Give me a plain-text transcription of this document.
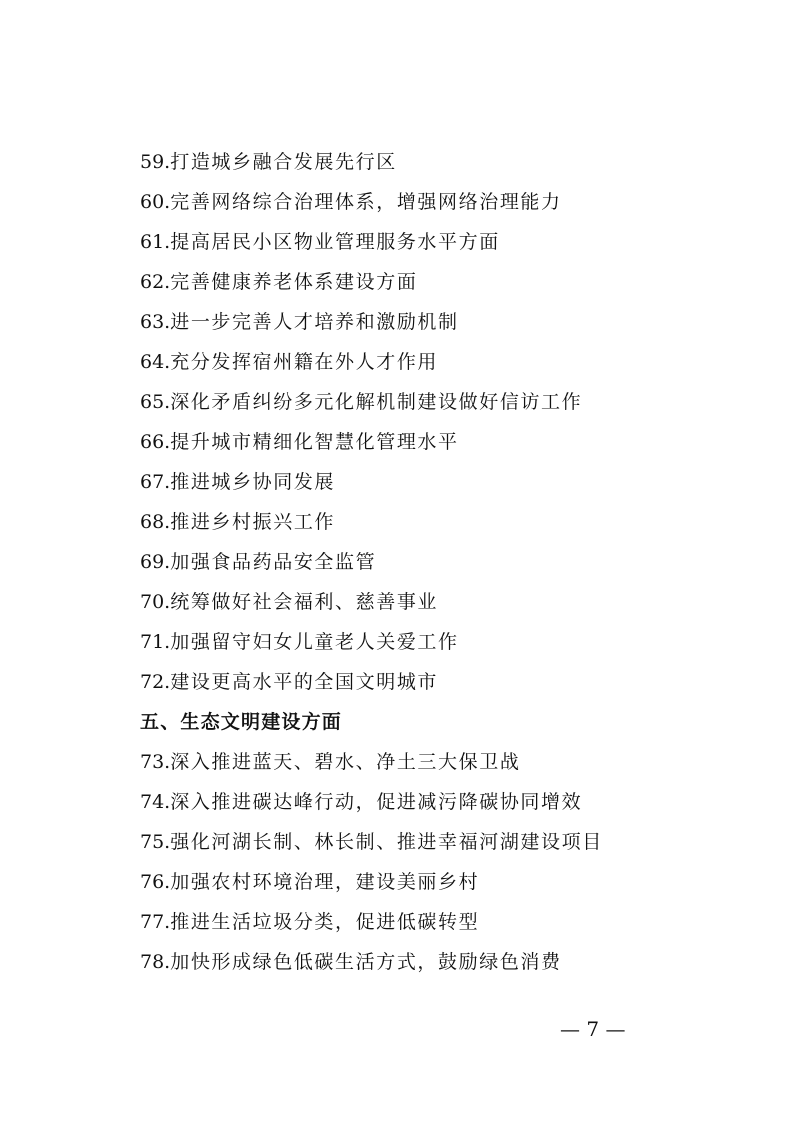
59.打造城乡融合发展先行区
60.完善网络综合治理体系，增强网络治理能力
61.提高居民小区物业管理服务水平方面
62.完善健康养老体系建设方面
63.进一步完善人才培养和激励机制
64.充分发挥宿州籍在外人才作用
65.深化矛盾纠纷多元化解机制建设做好信访工作
66.提升城市精细化智慧化管理水平
67.推进城乡协同发展
68.推进乡村振兴工作
69.加强食品药品安全监管
70.统筹做好社会福利、慈善事业
71.加强留守妇女儿童老人关爱工作
72.建设更高水平的全国文明城市
五、生态文明建设方面
73.深入推进蓝天、碧水、净土三大保卫战
74.深入推进碳达峰行动，促进减污降碳协同增效
75.强化河湖长制、林长制、推进幸福河湖建设项目
76.加强农村环境治理，建设美丽乡村
77.推进生活垃圾分类，促进低碳转型
78.加快形成绿色低碳生活方式，鼓励绿色消费
— 7 —
